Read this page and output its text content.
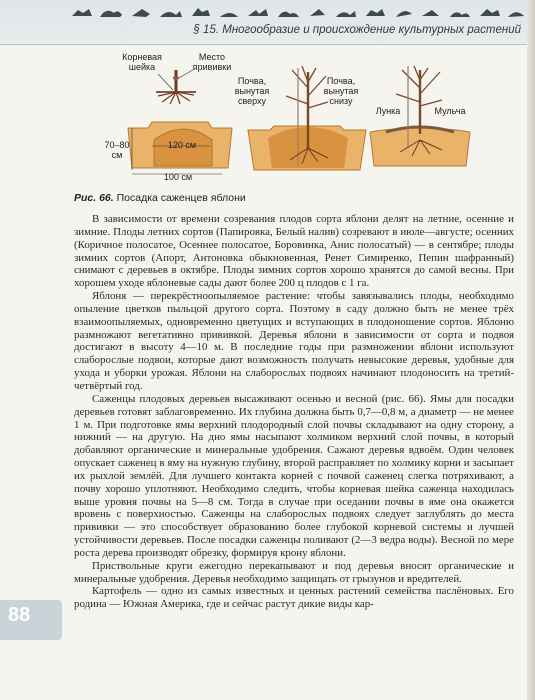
§ 15. Многообразие и происхождение культурных растений
Корневая шейка
Место прививки
Почва, вынутая сверху
Почва, вынутая снизу
Лунка	Мульча
120 см
100 см
70–80 см
Рис. 66. Посадка саженцев яблони

В зависимости от времени созревания плодов сорта яблони делят на летние, осенние и зимние. Плоды летних сортов (Папировка, Белый налив) созревают в июле—августе; осенних (Коричное полосатое, Осеннее полосатое, Боровинка, Анис полосатый) — в сентябре; плоды зимних сортов (Апорт, Антоновка обыкновенная, Ренет Симиренко, Пепин шафранный) снимают с деревьев в октябре. Плоды зимних сортов хорошо хранятся до самой весны. При хорошем уходе яблоневые сады дают более 200 ц плодов с 1 га.

Яблоня — перекрёстноопыляемое растение: чтобы завязывались плоды, необходимо опыление цветков пыльцой другого сорта. Поэтому в саду должно быть не менее трёх взаимоопыляемых, одновременно цветущих и вступающих в плодоношение сортов. Яблоню размножают вегетативно прививкой. Деревья яблони в зависимости от сорта и подвоя достигают в высоту 4—10 м. В последние годы при размножении яблони используют слаборослые подвои, которые дают возможность получать невысокие деревья, удобные для ухода и уборки урожая. Яблони на слаборослых подвоях начинают плодоносить на третий-четвёртый год.

Саженцы плодовых деревьев высаживают осенью и весной (рис. 66). Ямы для посадки деревьев готовят заблаговременно. Их глубина должна быть 0,7—0,8 м, а диаметр — не менее 1 м. При подготовке ямы верхний плодородный слой почвы складывают на одну сторону, а нижний — на другую. На дно ямы насыпают холмиком верхний слой почвы, в который добавляют органические и минеральные удобрения. Сажают деревья вдвоём. Один человек опускает саженец в яму на нужную глубину, второй расправляет по холмику корни и засыпает их рыхлой землёй. Для лучшего контакта корней с почвой саженец слегка потряхивают, а почву хорошо уплотняют. Необходимо следить, чтобы корневая шейка саженца находилась выше уровня почвы на 5—8 см. Тогда в случае при оседании почвы в яме она окажется вровень с поверхностью. Саженцы на слаборослых подвоях следует заглублять до места прививки — это способствует образованию более глубокой корневой системы и лучшей устойчивости деревьев. После посадки саженцы поливают (2—3 ведра воды). Весной по мере роста дерева производят обрезку, формируя крону яблони.

Приствольные круги ежегодно перекапывают и под деревья вносят органические и минеральные удобрения. Деревья необходимо защищать от грызунов и вредителей.

Картофель — одно из самых известных и ценных растений семейства паслёновых. Его родина — Южная Америка, где и сейчас растут дикие виды кар-

88
